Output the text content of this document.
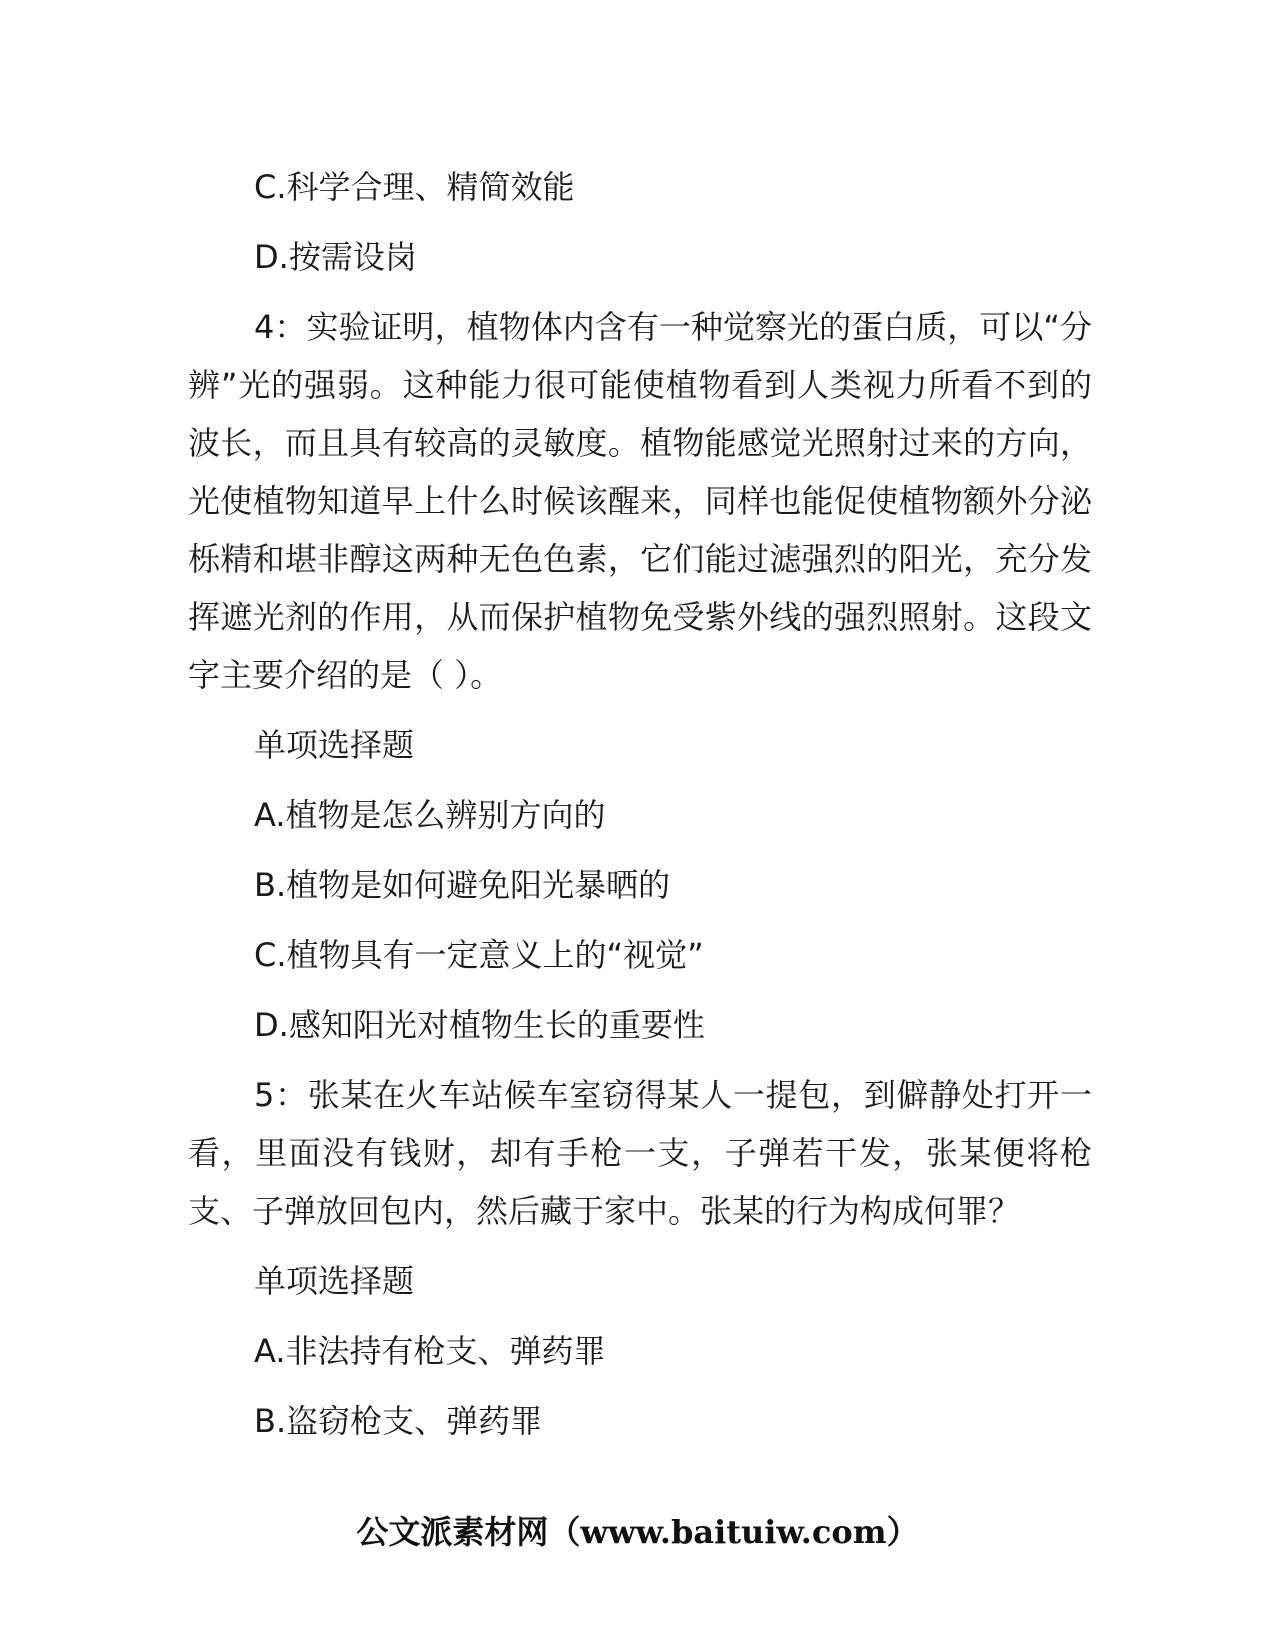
C.科学合理、精简效能

D.按需设岗

4：实验证明，植物体内含有一种觉察光的蛋白质，可以“分辨”光的强弱。这种能力很可能使植物看到人类视力所看不到的波长，而且具有较高的灵敏度。植物能感觉光照射过来的方向，光使植物知道早上什么时候该醒来，同样也能促使植物额外分泌栎精和堪非醇这两种无色色素，它们能过滤强烈的阳光，充分发挥遮光剂的作用，从而保护植物免受紫外线的强烈照射。这段文字主要介绍的是（ ）。

单项选择题

A.植物是怎么辨别方向的

B.植物是如何避免阳光暴晒的

C.植物具有一定意义上的“视觉”

D.感知阳光对植物生长的重要性

5：张某在火车站候车室窃得某人一提包，到僻静处打开一看，里面没有钱财，却有手枪一支，子弹若干发，张某便将枪支、子弹放回包内，然后藏于家中。张某的行为构成何罪？

单项选择题

A.非法持有枪支、弹药罪

B.盗窃枪支、弹药罪

公文派素材网（www.baituiw.com）
